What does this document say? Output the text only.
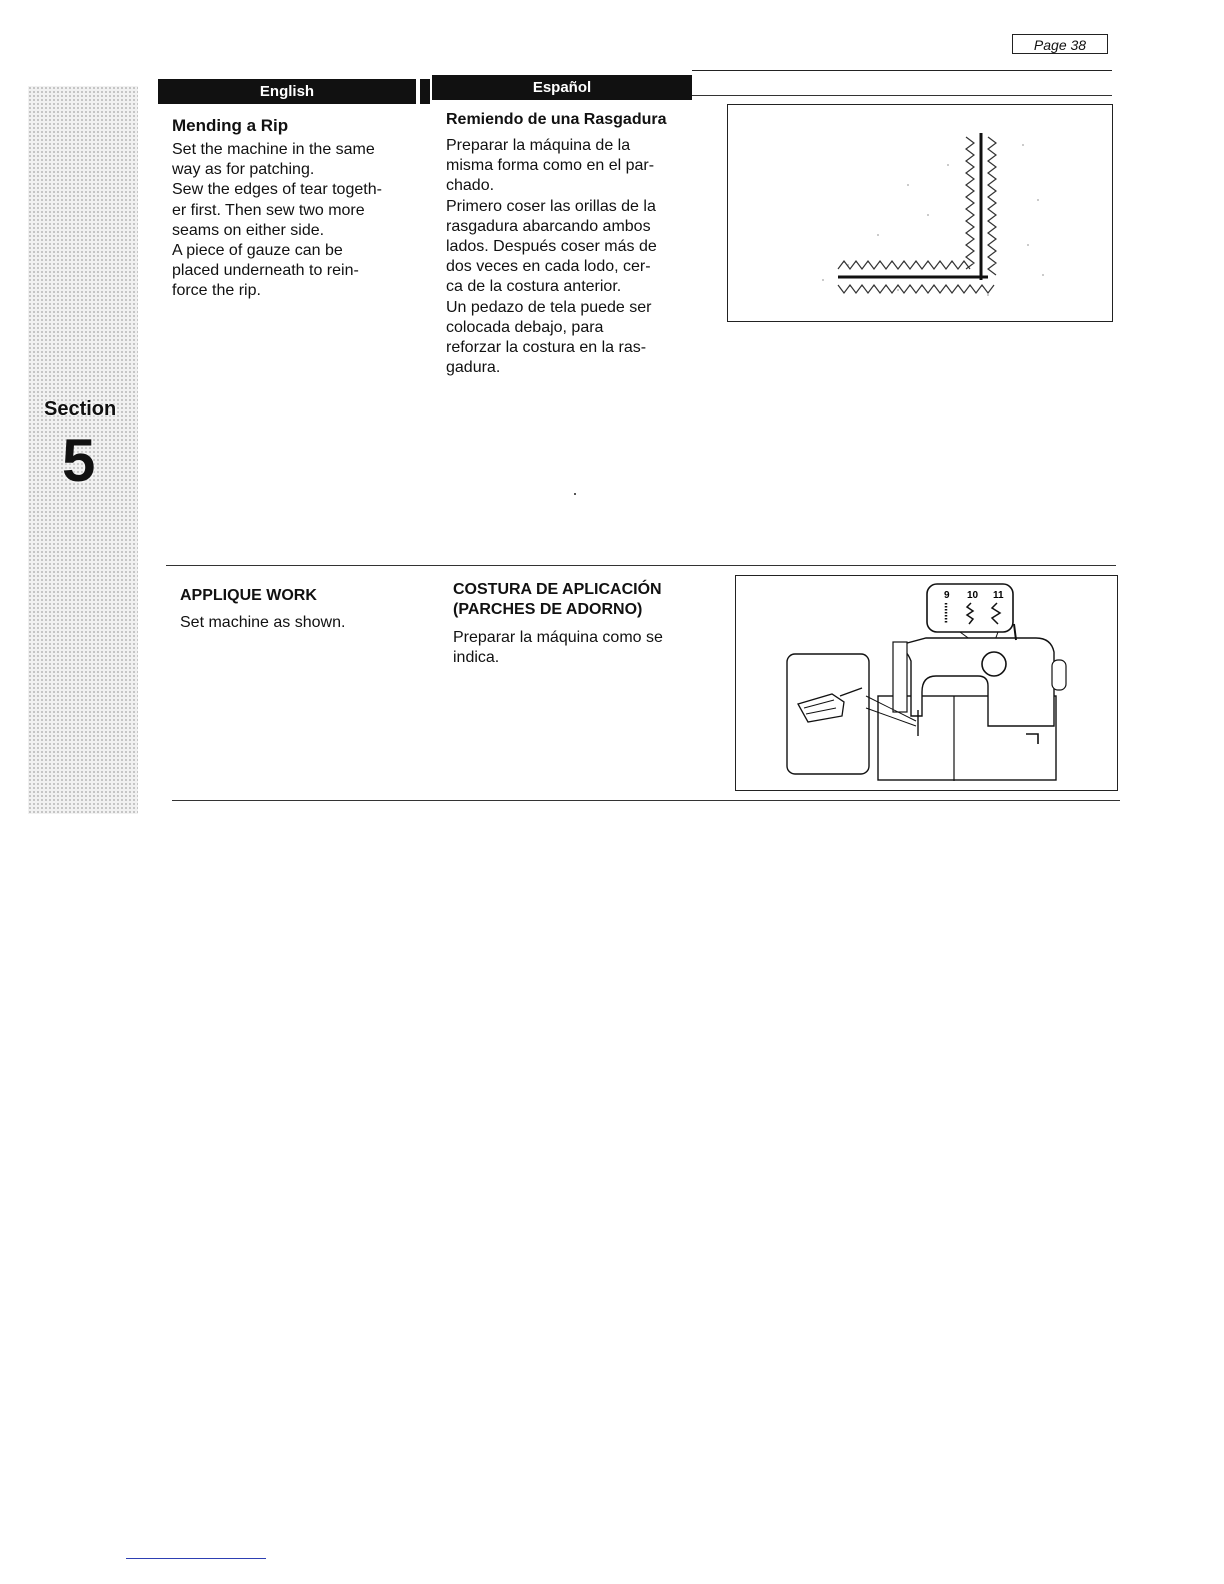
Page 38
Section
5
English	Español
Mending a Rip
Set the machine in the same
way as for patching.
Sew the edges of tear togeth-
er first. Then sew two more
seams on either side.
A piece of gauze can be
placed underneath to rein-
force the rip.
Remiendo de una Rasgadura
Preparar la máquina de la
misma forma como en el par-
chado.
Primero coser las orillas de la
rasgadura abarcando ambos
lados. Después coser más de
dos veces en cada lodo, cer-
ca de la costura anterior.
Un pedazo de tela puede ser
colocada debajo, para
reforzar la costura en la ras-
gadura.
APPLIQUE WORK
Set machine as shown.
COSTURA DE APLICACIÓN
(PARCHES DE ADORNO)
Preparar la máquina como se
indica.
9 10 11
